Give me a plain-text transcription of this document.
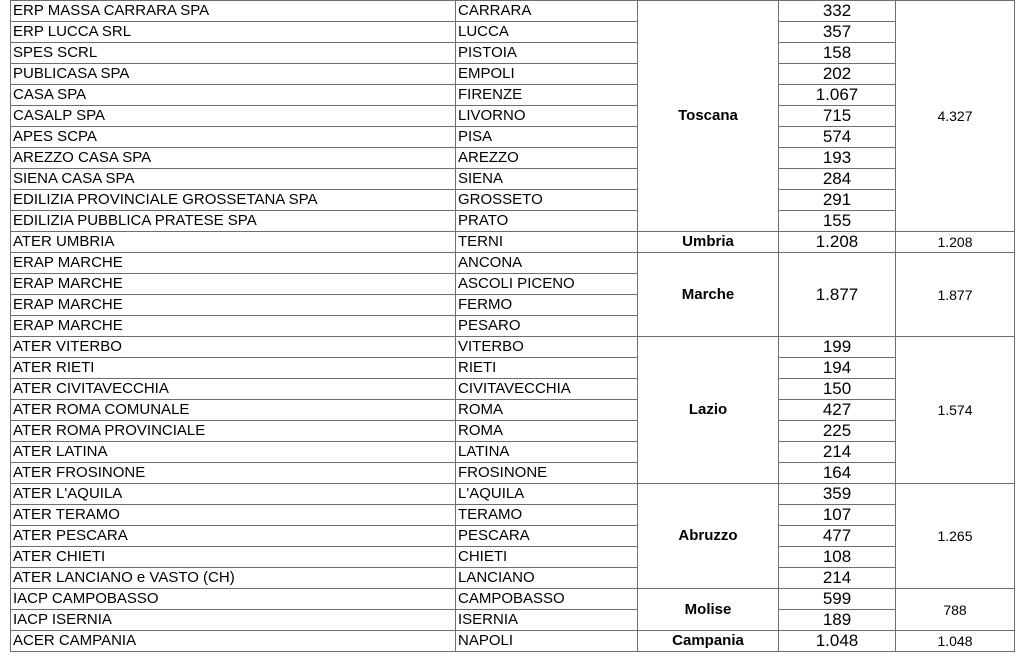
ERP MASSA CARRARA SPA	CARRARA	Toscana	332	4.327
ERP LUCCA SRL	LUCCA		357	
SPES SCRL	PISTOIA		158	
PUBLICASA SPA	EMPOLI		202	
CASA SPA	FIRENZE		1.067	
CASALP SPA	LIVORNO		715	
APES SCPA	PISA		574	
AREZZO CASA SPA	AREZZO		193	
SIENA CASA SPA	SIENA		284	
EDILIZIA PROVINCIALE GROSSETANA SPA	GROSSETO		291	
EDILIZIA PUBBLICA PRATESE SPA	PRATO		155	
ATER UMBRIA	TERNI	Umbria	1.208	1.208
ERAP MARCHE	ANCONA	Marche	1.877	1.877
ERAP MARCHE	ASCOLI PICENO			
ERAP MARCHE	FERMO			
ERAP MARCHE	PESARO			
ATER VITERBO	VITERBO	Lazio	199	1.574
ATER RIETI	RIETI		194	
ATER CIVITAVECCHIA	CIVITAVECCHIA		150	
ATER ROMA COMUNALE	ROMA		427	
ATER ROMA PROVINCIALE	ROMA		225	
ATER LATINA	LATINA		214	
ATER FROSINONE	FROSINONE		164	
ATER L'AQUILA	L'AQUILA	Abruzzo	359	1.265
ATER TERAMO	TERAMO		107	
ATER PESCARA	PESCARA		477	
ATER CHIETI	CHIETI		108	
ATER LANCIANO e VASTO (CH)	LANCIANO		214	
IACP CAMPOBASSO	CAMPOBASSO	Molise	599	788
IACP ISERNIA	ISERNIA		189	
ACER CAMPANIA	NAPOLI	Campania	1.048	1.048
